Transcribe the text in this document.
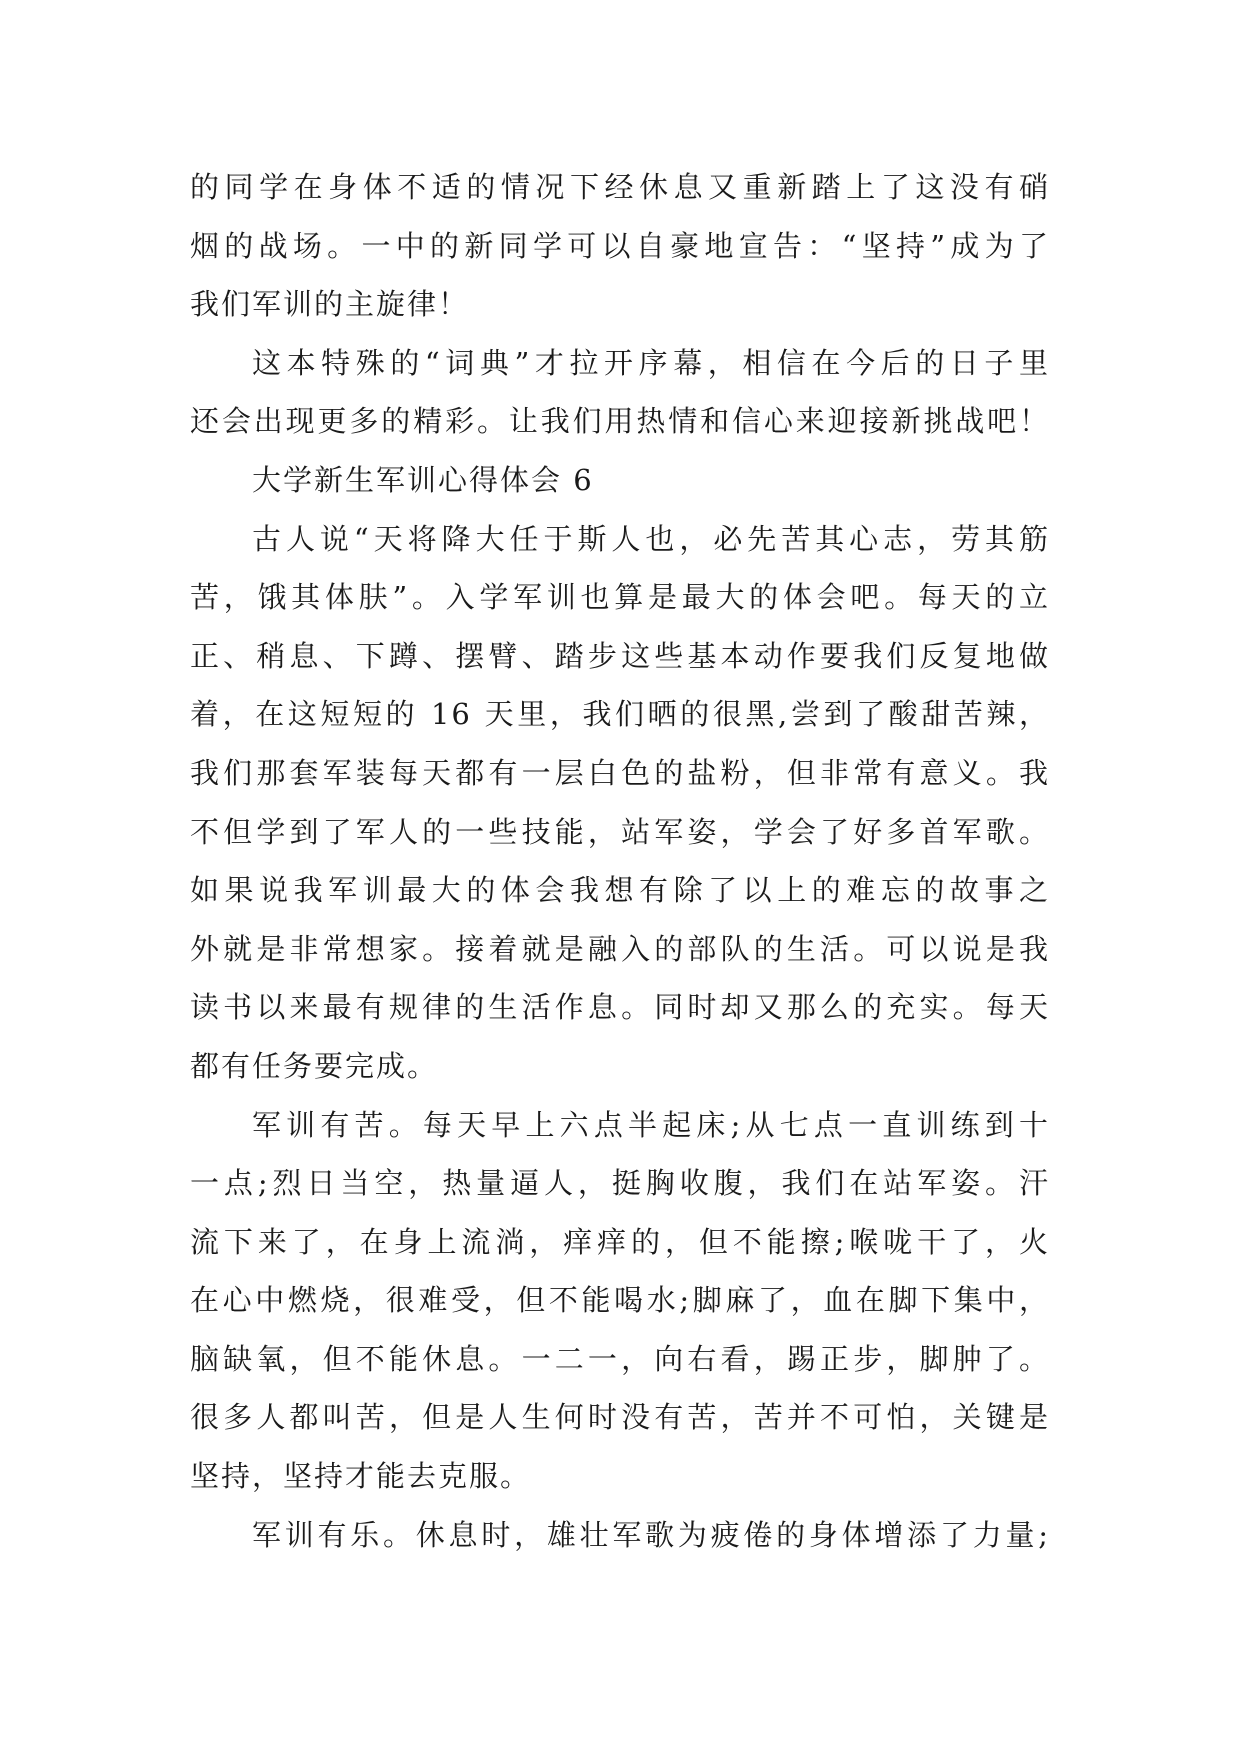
的同学在身体不适的情况下经休息又重新踏上了这没有硝
烟的战场。一中的新同学可以自豪地宣告：“坚持”成为了
我们军训的主旋律！
这本特殊的“词典”才拉开序幕，相信在今后的日子里
还会出现更多的精彩。让我们用热情和信心来迎接新挑战吧！
大学新生军训心得体会 6
古人说“天将降大任于斯人也，必先苦其心志，劳其筋
苦，饿其体肤”。入学军训也算是最大的体会吧。每天的立
正、稍息、下蹲、摆臂、踏步这些基本动作要我们反复地做
着，在这短短的 16 天里，我们晒的很黑,尝到了酸甜苦辣，
我们那套军装每天都有一层白色的盐粉，但非常有意义。我
不但学到了军人的一些技能，站军姿，学会了好多首军歌。
如果说我军训最大的体会我想有除了以上的难忘的故事之
外就是非常想家。接着就是融入的部队的生活。可以说是我
读书以来最有规律的生活作息。同时却又那么的充实。每天
都有任务要完成。
军训有苦。每天早上六点半起床;从七点一直训练到十
一点;烈日当空，热量逼人，挺胸收腹，我们在站军姿。汗
流下来了，在身上流淌，痒痒的，但不能擦;喉咙干了，火
在心中燃烧，很难受，但不能喝水;脚麻了，血在脚下集中，
脑缺氧，但不能休息。一二一，向右看，踢正步，脚肿了。
很多人都叫苦，但是人生何时没有苦，苦并不可怕，关键是
坚持，坚持才能去克服。
军训有乐。休息时，雄壮军歌为疲倦的身体增添了力量;
